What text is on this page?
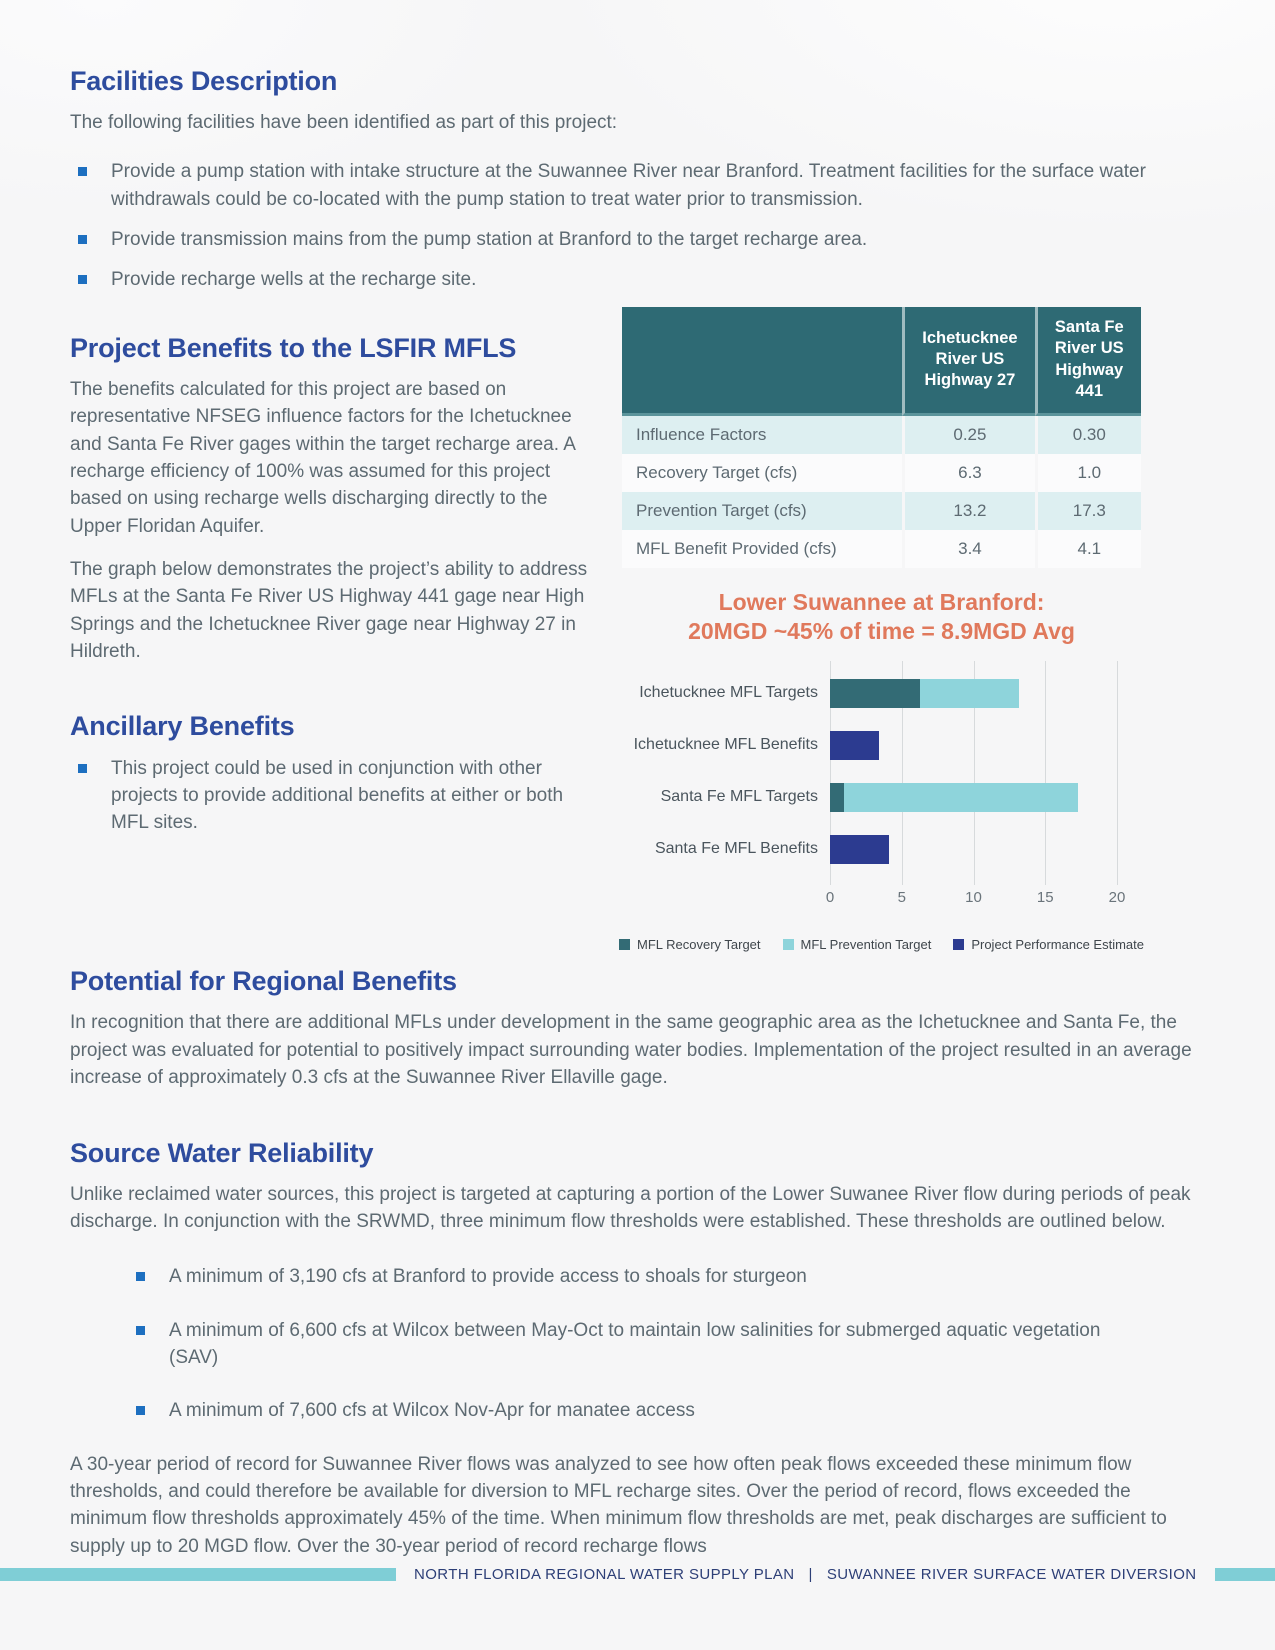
Facilities Description

The following facilities have been identified as part of this project:

Provide a pump station with intake structure at the Suwannee River near Branford. Treatment facilities for the surface water withdrawals could be co-located with the pump station to treat water prior to transmission.
Provide transmission mains from the pump station at Branford to the target recharge area.
Provide recharge wells at the recharge site.
Project Benefits to the LSFIR MFLS

The benefits calculated for this project are based on representative NFSEG influence factors for the Ichetucknee and Santa Fe River gages within the target recharge area. A recharge efficiency of 100% was assumed for this project based on using recharge wells discharging directly to the Upper Floridan Aquifer.

The graph below demonstrates the project’s ability to address MFLs at the Santa Fe River US Highway 441 gage near High Springs and the Ichetucknee River gage near Highway 27 in Hildreth.

Ancillary Benefits
This project could be used in conjunction with other projects to provide additional benefits at either or both MFL sites.
	Ichetucknee River US Highway 27	Santa Fe River US Highway 441
Influence Factors	0.25	0.30
Recovery Target (cfs)	6.3	1.0
Prevention Target (cfs)	13.2	17.3
MFL Benefit Provided (cfs)	3.4	4.1
Lower Suwannee at Branford:
20MGD ~45% of time = 8.9MGD Avg
Ichetucknee MFL Targets
Ichetucknee MFL Benefits
Santa Fe MFL Targets
Santa Fe MFL Benefits
0	5	10	15	20
MFL Recovery Target	MFL Prevention Target	Project Performance Estimate
Potential for Regional Benefits

In recognition that there are additional MFLs under development in the same geographic area as the Ichetucknee and Santa Fe, the project was evaluated for potential to positively impact surrounding water bodies. Implementation of the project resulted in an average increase of approximately 0.3 cfs at the Suwannee River Ellaville gage.

Source Water Reliability

Unlike reclaimed water sources, this project is targeted at capturing a portion of the Lower Suwanee River flow during periods of peak discharge. In conjunction with the SRWMD, three minimum flow thresholds were established. These thresholds are outlined below.

A minimum of 3,190 cfs at Branford to provide access to shoals for sturgeon
A minimum of 6,600 cfs at Wilcox between May-Oct to maintain low salinities for submerged aquatic vegetation (SAV)
A minimum of 7,600 cfs at Wilcox Nov-Apr for manatee access

A 30-year period of record for Suwannee River flows was analyzed to see how often peak flows exceeded these minimum flow thresholds, and could therefore be available for diversion to MFL recharge sites. Over the period of record, flows exceeded the minimum flow thresholds approximately 45% of the time. When minimum flow thresholds are met, peak discharges are sufficient to supply up to 20 MGD flow. Over the 30-year period of record recharge flows

NORTH FLORIDA REGIONAL WATER SUPPLY PLAN | SUWANNEE RIVER SURFACE WATER DIVERSION
